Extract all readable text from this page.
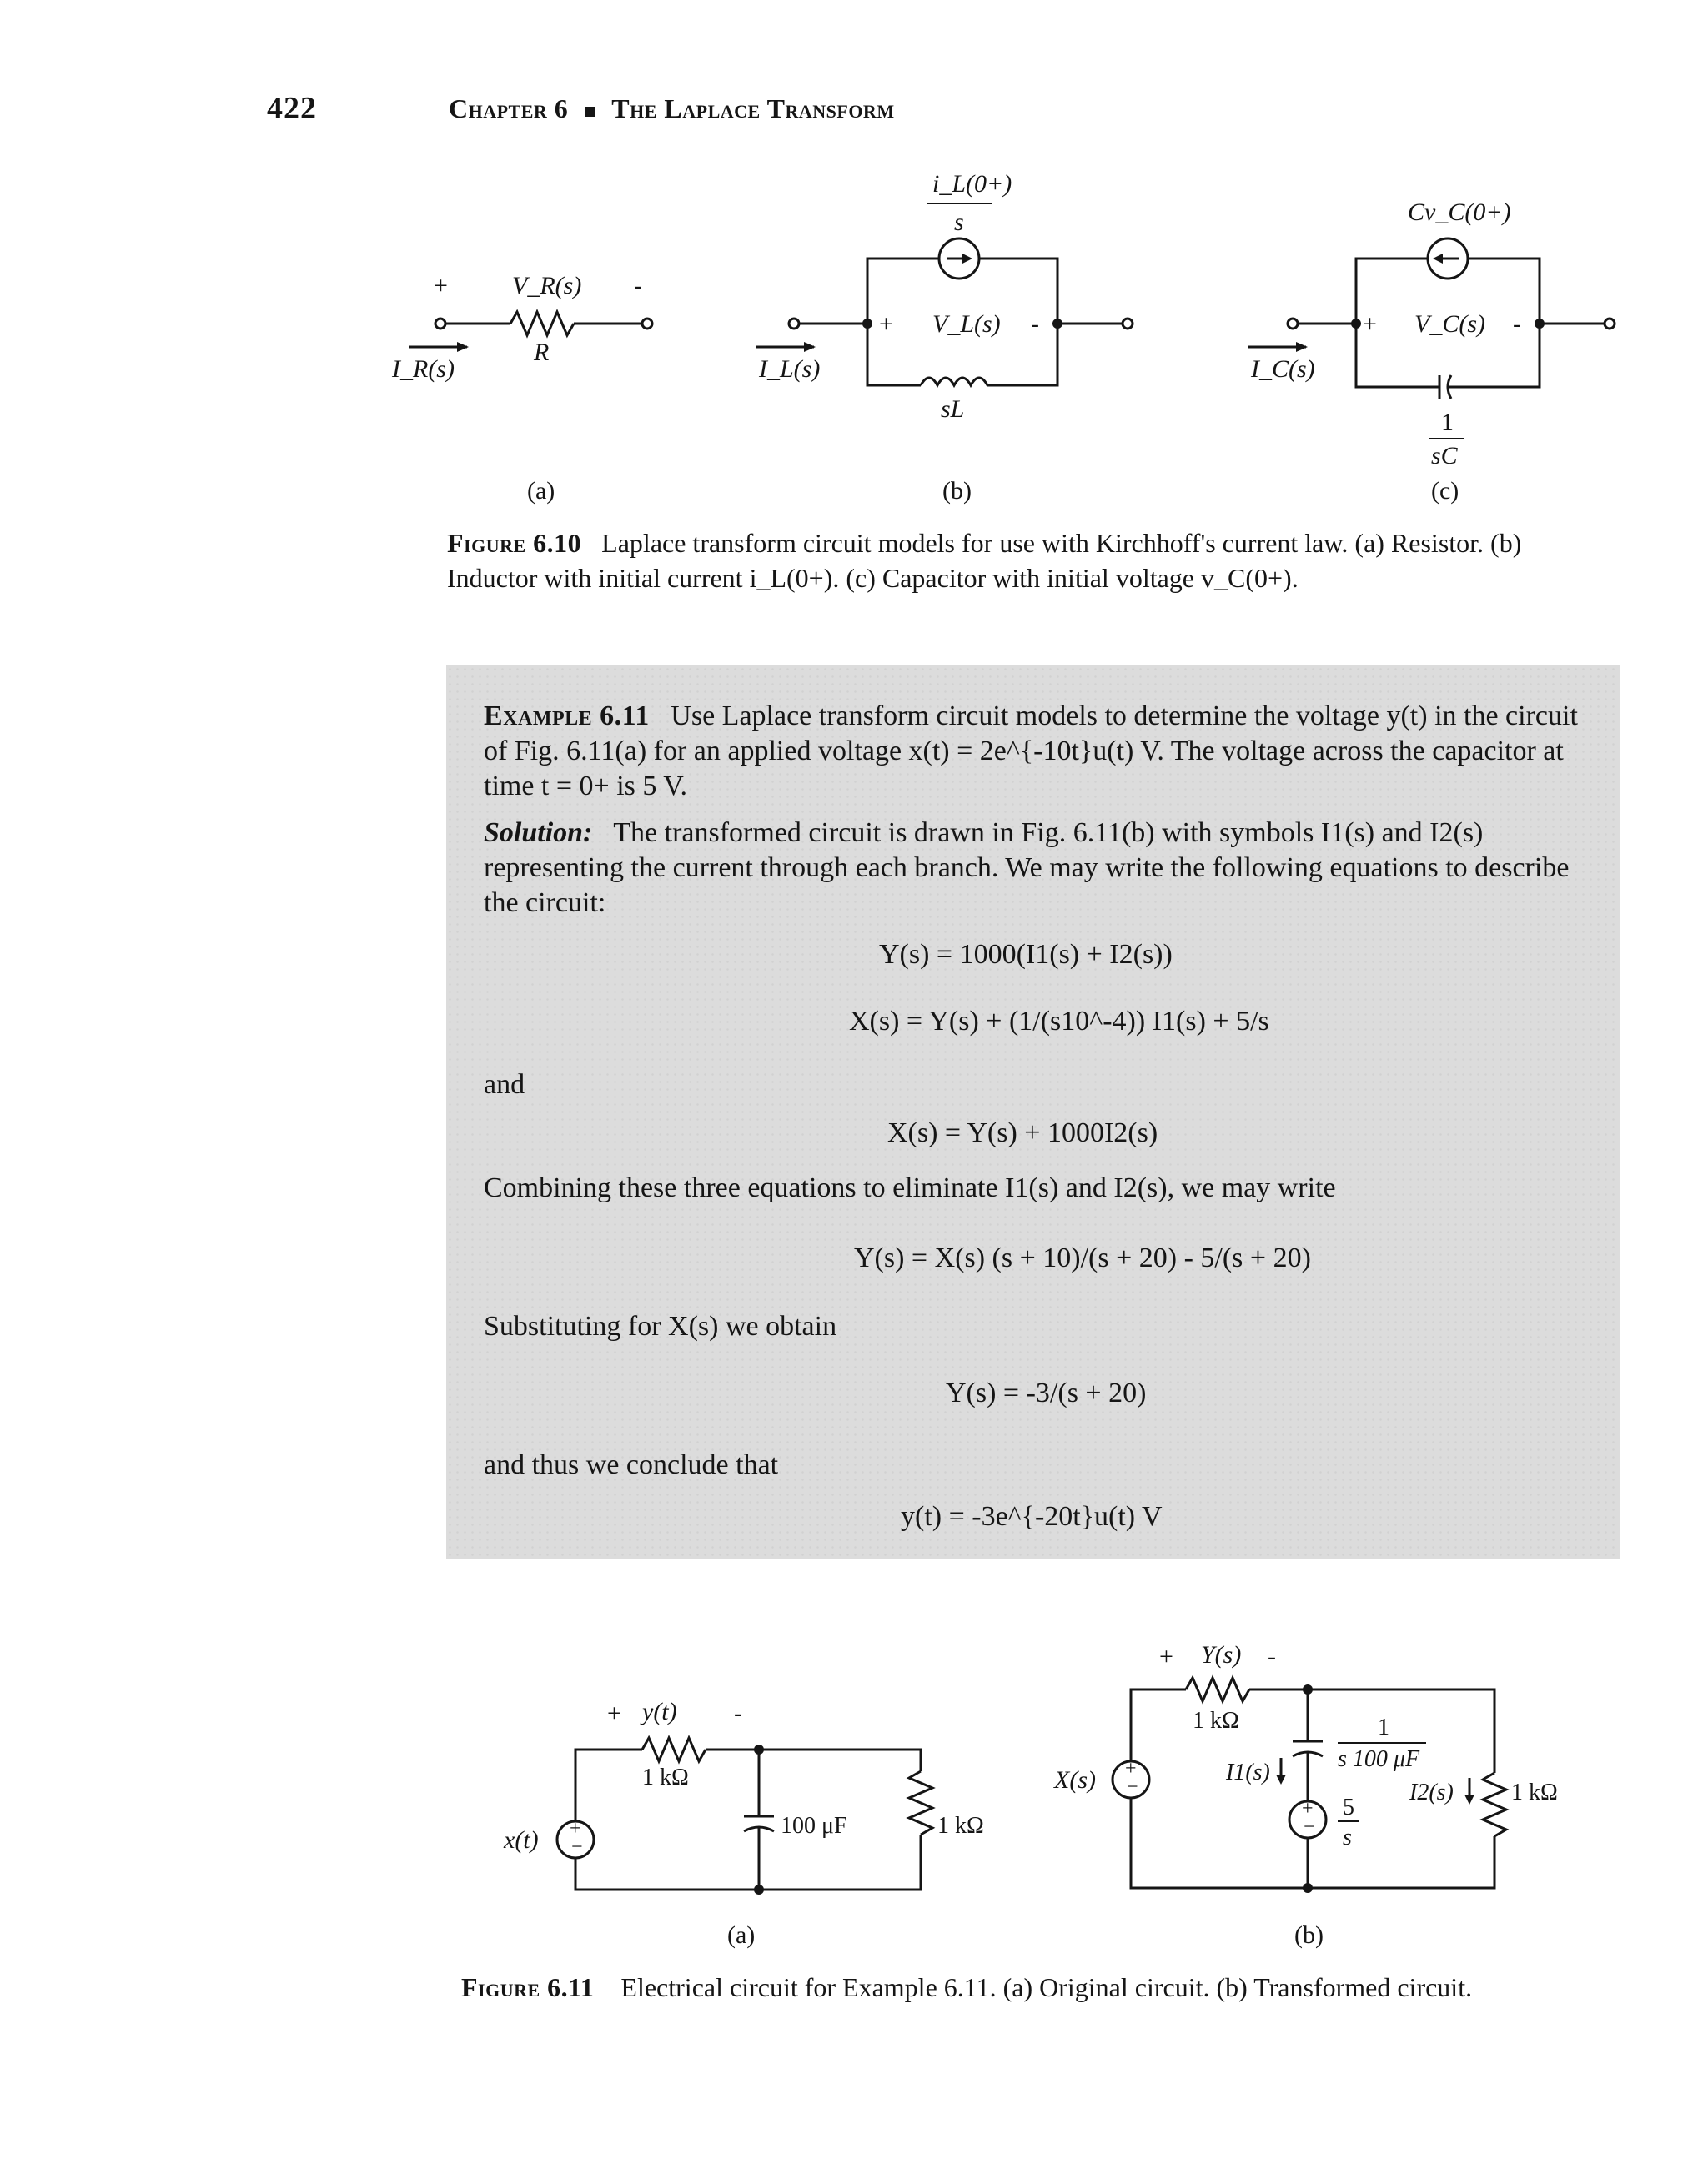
422	Chapter 6 The Laplace Transform
+	-
V_R(s)
R
I_R(s)
(a)
+	-
V_L(s)
sL
i_L(0+)
s
I_L(s)
(b)
+	-
V_C(s)
Cv_C(0+)
1
sC
I_C(s)
(c)
Figure 6.10 Laplace transform circuit models for use with Kirchhoff's current law. (a) Resistor. (b) Inductor with initial current i_L(0+). (c) Capacitor with initial voltage v_C(0+).
Example 6.11 Use Laplace transform circuit models to determine the voltage y(t) in the circuit of Fig. 6.11(a) for an applied voltage x(t) = 2e^{-10t}u(t) V. The voltage across the capacitor at time t = 0+ is 5 V.
Solution: The transformed circuit is drawn in Fig. 6.11(b) with symbols I1(s) and I2(s) representing the current through each branch. We may write the following equations to describe the circuit:
Y(s) = 1000(I1(s) + I2(s))
X(s) = Y(s) + (1/(s10^-4)) I1(s) + 5/s
and
X(s) = Y(s) + 1000I2(s)
Combining these three equations to eliminate I1(s) and I2(s), we may write
Y(s) = X(s) (s + 10)/(s + 20) - 5/(s + 20)
Substituting for X(s) we obtain
Y(s) = -3/(s + 20)
and thus we conclude that
y(t) = -3e^{-20t}u(t) V
+
−
x(t)
+	-
y(t)
1 kΩ
100 μF	1 kΩ
(a)
+
−
+
−
X(s)
+	-
Y(s)
1 kΩ
I1(s)
1
s 100 μF
5
s
I2(s) 1 kΩ
(b)
Figure 6.11 Electrical circuit for Example 6.11. (a) Original circuit. (b) Transformed circuit.
